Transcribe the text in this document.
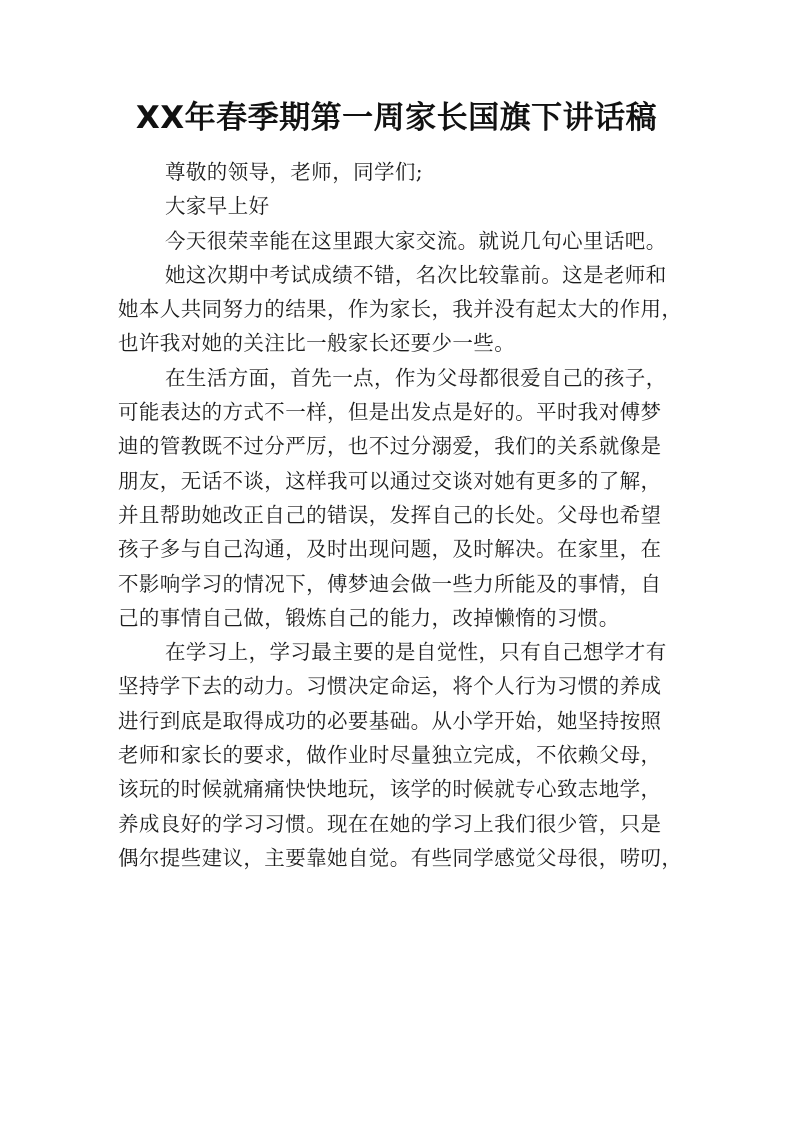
XX年春季期第一周家长国旗下讲话稿
尊敬的领导，老师，同学们;
大家早上好
今天很荣幸能在这里跟大家交流。就说几句心里话吧。
她这次期中考试成绩不错，名次比较靠前。这是老师和
她本人共同努力的结果，作为家长，我并没有起太大的作用，
也许我对她的关注比一般家长还要少一些。
在生活方面，首先一点，作为父母都很爱自己的孩子，
可能表达的方式不一样，但是出发点是好的。平时我对傅梦
迪的管教既不过分严厉，也不过分溺爱，我们的关系就像是
朋友，无话不谈，这样我可以通过交谈对她有更多的了解，
并且帮助她改正自己的错误，发挥自己的长处。父母也希望
孩子多与自己沟通，及时出现问题，及时解决。在家里，在
不影响学习的情况下，傅梦迪会做一些力所能及的事情，自
己的事情自己做，锻炼自己的能力，改掉懒惰的习惯。
在学习上，学习最主要的是自觉性，只有自己想学才有
坚持学下去的动力。习惯决定命运，将个人行为习惯的养成
进行到底是取得成功的必要基础。从小学开始，她坚持按照
老师和家长的要求，做作业时尽量独立完成，不依赖父母，
该玩的时候就痛痛快快地玩，该学的时候就专心致志地学，
养成良好的学习习惯。现在在她的学习上我们很少管，只是
偶尔提些建议，主要靠她自觉。有些同学感觉父母很，唠叨，
